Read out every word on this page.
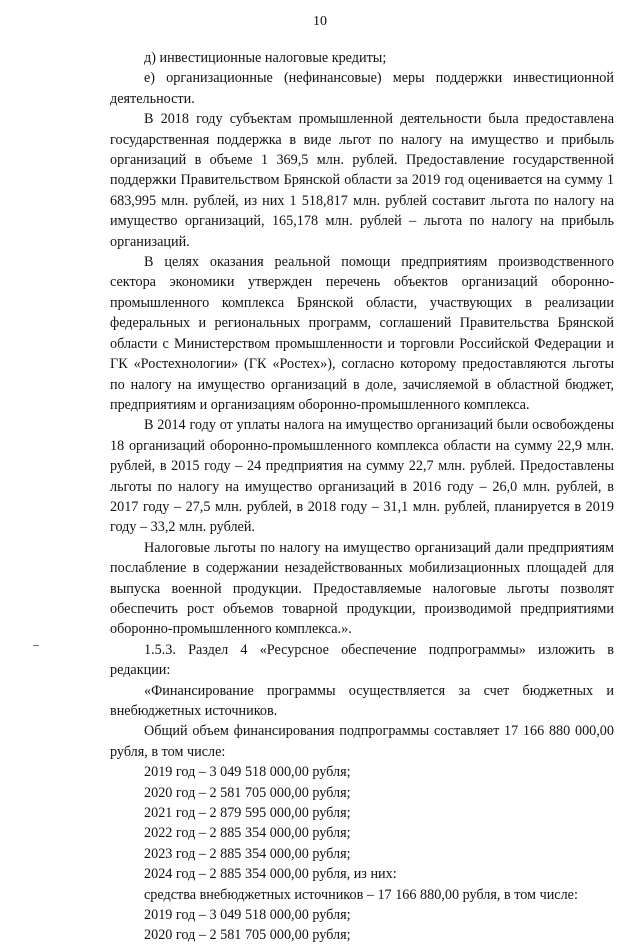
10

д) инвестиционные налоговые кредиты;

е) организационные (нефинансовые) меры поддержки инвестиционной деятельности.

В 2018 году субъектам промышленной деятельности была предоставлена государственная поддержка в виде льгот по налогу на имущество и прибыль организаций в объеме 1 369,5 млн. рублей. Предоставление государственной поддержки Правительством Брянской области за 2019 год оценивается на сумму 1 683,995 млн. рублей, из них 1 518,817 млн. рублей составит льгота по налогу на имущество организаций, 165,178 млн. рублей – льгота по налогу на прибыль организаций.

В целях оказания реальной помощи предприятиям производственного сектора экономики утвержден перечень объектов организаций оборонно-промышленного комплекса Брянской области, участвующих в реализации федеральных и региональных программ, соглашений Правительства Брянской области с Министерством промышленности и торговли Российской Федерации и ГК «Ростехнологии» (ГК «Ростех»), согласно которому предоставляются льготы по налогу на имущество организаций в доле, зачисляемой в областной бюджет, предприятиям и организациям оборонно-промышленного комплекса.

В 2014 году от уплаты налога на имущество организаций были освобождены 18 организаций оборонно-промышленного комплекса области на сумму 22,9 млн. рублей, в 2015 году – 24 предприятия на сумму 22,7 млн. рублей. Предоставлены льготы по налогу на имущество организаций в 2016 году – 26,0 млн. рублей, в 2017 году – 27,5 млн. рублей, в 2018 году – 31,1 млн. рублей, планируется в 2019 году – 33,2 млн. рублей.

Налоговые льготы по налогу на имущество организаций дали предприятиям послабление в содержании незадействованных мобилизационных площадей для выпуска военной продукции. Предоставляемые налоговые льготы позволят обеспечить рост объемов товарной продукции, производимой предприятиями оборонно-промышленного комплекса.».

1.5.3. Раздел 4 «Ресурсное обеспечение подпрограммы» изложить в редакции:

«Финансирование программы осуществляется за счет бюджетных и внебюджетных источников.

Общий объем финансирования подпрограммы составляет 17 166 880 000,00 рубля, в том числе:

2019 год – 3 049 518 000,00 рубля;

2020 год – 2 581 705 000,00 рубля;

2021 год – 2 879 595 000,00 рубля;

2022 год – 2 885 354 000,00 рубля;

2023 год – 2 885 354 000,00 рубля;

2024 год – 2 885 354 000,00 рубля, из них:

средства внебюджетных источников – 17 166 880,00 рубля, в том числе:

2019 год – 3 049 518 000,00 рубля;

2020 год – 2 581 705 000,00 рубля;
